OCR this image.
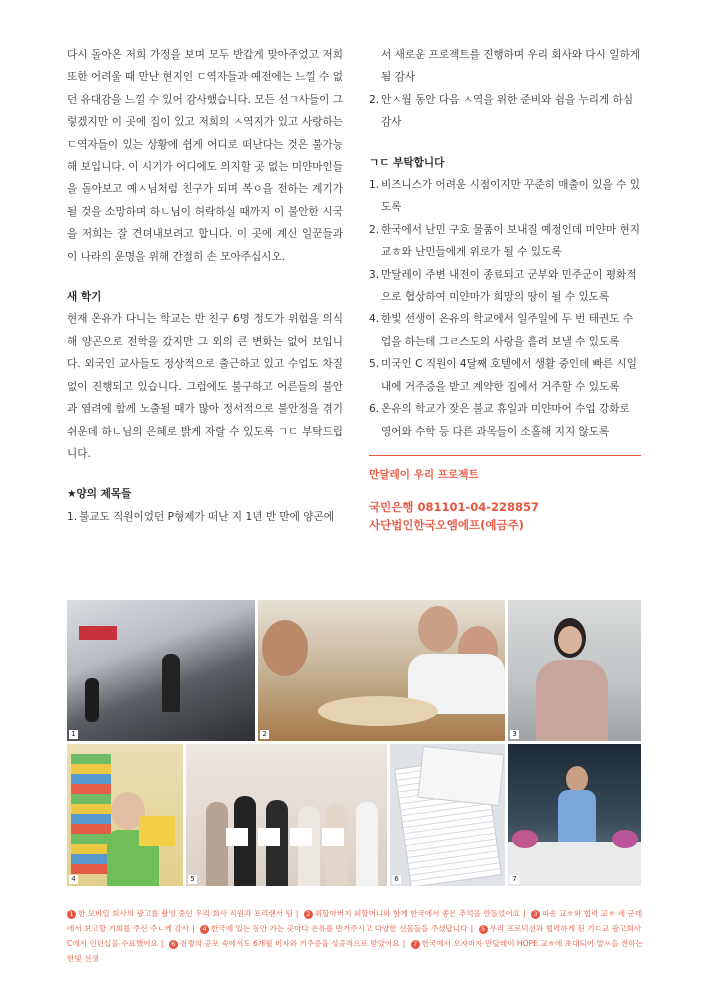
다시 돌아온 저희 가정을 보며 모두 반갑게 맞아주었고 저희 또한 어려울 때 만난 현지인 ㄷ역자들과 예전에는 느낄 수 없던 유대감을 느낄 수 있어 감사했습니다. 모든 선ㄱ사들이 그렇겠지만 이 곳에 집이 있고 저희의 ㅅ역지가 있고 사랑하는 ㄷ역자들이 있는 상황에 쉽게 어디로 떠난다는 것은 불가능해 보입니다. 이 시기가 어디에도 의지할 곳 없는 미얀마인들을 돌아보고 예ㅅ님처럼 친구가 되며 복ㅇ을 전하는 계기가 될 것을 소망하며 하ㄴ님이 허락하실 때까지 이 불안한 시국을 저희는 잘 견뎌내보려고 합니다. 이 곳에 계신 일꾼들과 이 나라의 운명을 위해 간절히 손 모아주십시오.

새 학기

현재 온유가 다니는 학교는 반 친구 6명 정도가 위험을 의식해 양곤으로 전학을 갔지만 그 외의 큰 변화는 없어 보입니다. 외국인 교사들도 정상적으로 출근하고 있고 수업도 차질 없이 진행되고 있습니다. 그럼에도 불구하고 어른들의 불안과 염려에 함께 노출될 때가 많아 정서적으로 불안정을 겪기 쉬운데 하ㄴ님의 은혜로 밝게 자랄 수 있도록 ㄱㄷ 부탁드립니다.

★양의 제목들

1. 불교도 직원이었던 P형제가 떠난 지 1년 반 만에 양곤에
서 새로운 프로젝트를 진행하며 우리 회사와 다시 일하게 됨 감사
2. 안ㅅ월 동안 다음 ㅅ역을 위한 준비와 쉼을 누리게 하심 감사

ㄱㄷ 부탁합니다

1. 비즈니스가 어려운 시점이지만 꾸준히 매출이 있을 수 있도록
2. 한국에서 난민 구호 물품이 보내질 예정인데 미얀마 현지 교ㅎ와 난민들에게 위로가 될 수 있도록
3. 만달레이 주변 내전이 종료되고 군부와 민주군이 평화적으로 협상하여 미얀마가 희망의 땅이 될 수 있도록
4. 한빛 선생이 온유의 학교에서 일주일에 두 번 태권도 수업을 하는데 그ㄹ스도의 사랑을 흘려 보낼 수 있도록
5. 미국인 C 직원이 4달째 호텔에서 생활 중인데 빠른 시일 내에 거주증을 받고 계약한 집에서 거주할 수 있도록
6. 온유의 학교가 잦은 불교 휴일과 미얀마어 수업 강화로 영어와 수학 등 다른 과목들이 소홀해 지지 않도록

만달레이 우리 프로젝트

국민은행 081101-04-228857

사단법인한국오엠에프(예금주)

1	2	3
4	5	6	7
1 한 모바일 회사의 광고를 촬영 중인 우리 회사 직원과 프리랜서 팀 | 2 외할아버지 외할머니와 함께 한국에서 좋은 추억을 만들었어요 | 3 파송 교ㅎ와 협력 교ㅎ 세 군데에서 보고할 기회를 주신 주ㄴ께 감사 | 4 한국에 있는 동안 가는 곳마다 온유를 반겨주시고 다양한 선물들을 주셨답니다 | 5 우리 프로덕션과 협력하게 된 기ㄷ교 광고회사 C에서 인턴십을 수료했어요 | 6 전쟁의 공포 속에서도 6개월 비자와 거주증을 성공적으로 받았어요 | 7 한국에서 오자마자 만달레이 HOPE 교ㅎ에 초대되어 말ㅆ을 전하는 한빛 선생
